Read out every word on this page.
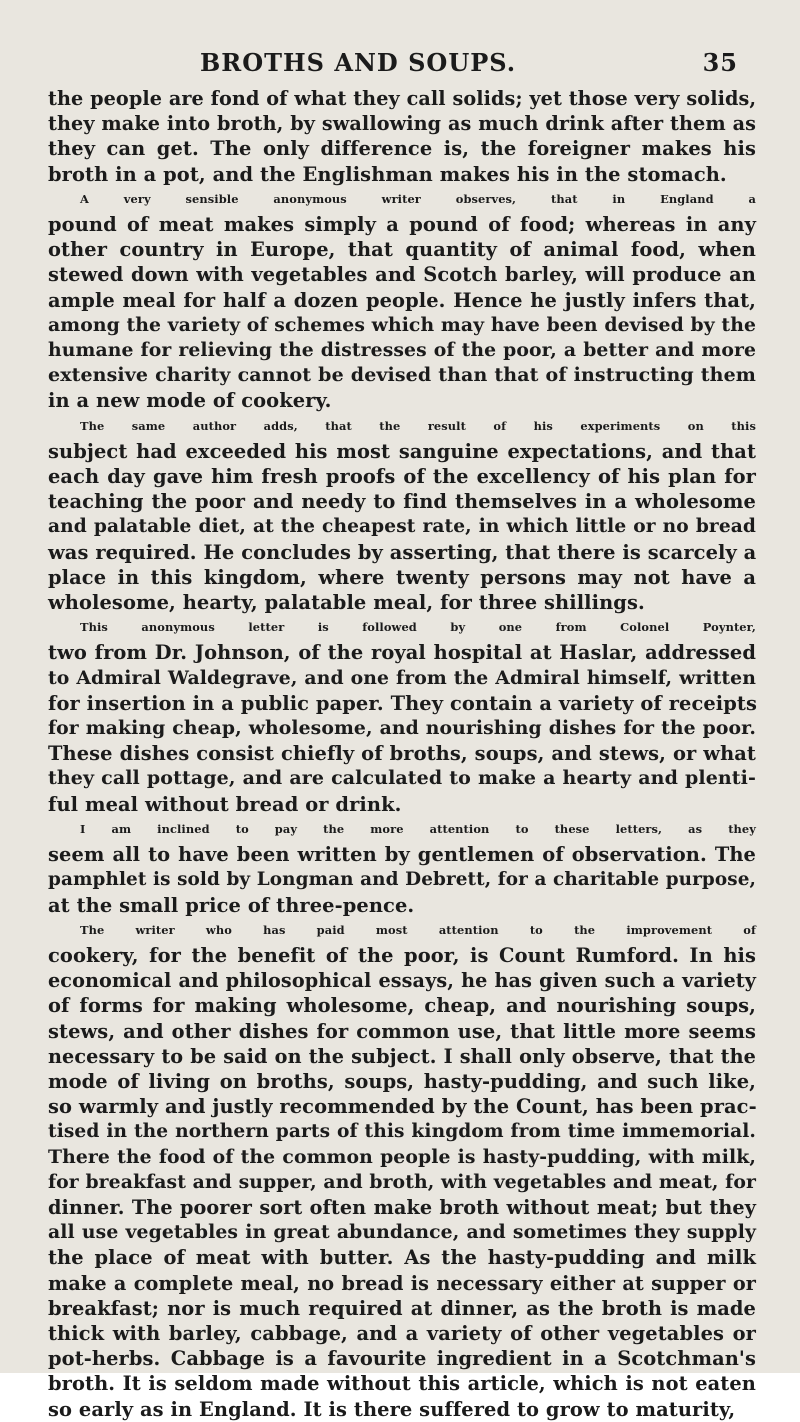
BROTHS AND SOUPS.	35

the people are fond of what they call solids; yet those very solids,
they make into broth, by swallowing as much drink after them as
they can get. The only difference is, the foreigner makes his
broth in a pot, and the Englishman makes his in the stomach.

A very sensible anonymous writer observes, that in England a
pound of meat makes simply a pound of food; whereas in any
other country in Europe, that quantity of animal food, when
stewed down with vegetables and Scotch barley, will produce an
ample meal for half a dozen people. Hence he justly infers that,
among the variety of schemes which may have been devised by the
humane for relieving the distresses of the poor, a better and more
extensive charity cannot be devised than that of instructing them
in a new mode of cookery.

The same author adds, that the result of his experiments on this
subject had exceeded his most sanguine expectations, and that
each day gave him fresh proofs of the excellency of his plan for
teaching the poor and needy to find themselves in a wholesome
and palatable diet, at the cheapest rate, in which little or no bread
was required. He concludes by asserting, that there is scarcely a
place in this kingdom, where twenty persons may not have a
wholesome, hearty, palatable meal, for three shillings.

This anonymous letter is followed by one from Colonel Poynter,
two from Dr. Johnson, of the royal hospital at Haslar, addressed
to Admiral Waldegrave, and one from the Admiral himself, written
for insertion in a public paper. They contain a variety of receipts
for making cheap, wholesome, and nourishing dishes for the poor.
These dishes consist chiefly of broths, soups, and stews, or what
they call pottage, and are calculated to make a hearty and plenti-
ful meal without bread or drink.

I am inclined to pay the more attention to these letters, as they
seem all to have been written by gentlemen of observation. The
pamphlet is sold by Longman and Debrett, for a charitable purpose,
at the small price of three-pence.

The writer who has paid most attention to the improvement of
cookery, for the benefit of the poor, is Count Rumford. In his
economical and philosophical essays, he has given such a variety
of forms for making wholesome, cheap, and nourishing soups,
stews, and other dishes for common use, that little more seems
necessary to be said on the subject. I shall only observe, that the
mode of living on broths, soups, hasty-pudding, and such like,
so warmly and justly recommended by the Count, has been prac-
tised in the northern parts of this kingdom from time immemorial.
There the food of the common people is hasty-pudding, with milk,
for breakfast and supper, and broth, with vegetables and meat, for
dinner. The poorer sort often make broth without meat; but they
all use vegetables in great abundance, and sometimes they supply
the place of meat with butter. As the hasty-pudding and milk
make a complete meal, no bread is necessary either at supper or
breakfast; nor is much required at dinner, as the broth is made
thick with barley, cabbage, and a variety of other vegetables or
pot-herbs. Cabbage is a favourite ingredient in a Scotchman's
broth. It is seldom made without this article, which is not eaten
so early as in England. It is there suffered to grow to maturity,
